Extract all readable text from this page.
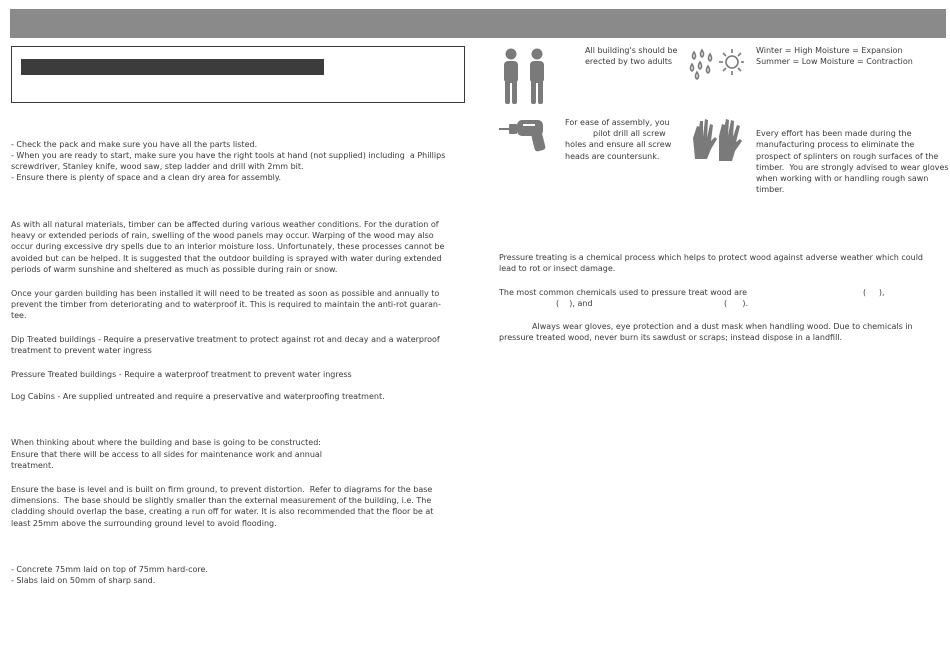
- Check the pack and make sure you have all the parts listed.
- When you are ready to start, make sure you have the right tools at hand (not supplied) including  a Phillips
screwdriver, Stanley knife, wood saw, step ladder and drill with 2mm bit.
- Ensure there is plenty of space and a clean dry area for assembly.
As with all natural materials, timber can be affected during various weather conditions. For the duration of
heavy or extended periods of rain, swelling of the wood panels may occur. Warping of the wood may also
occur during excessive dry spells due to an interior moisture loss. Unfortunately, these processes cannot be
avoided but can be helped. It is suggested that the outdoor building is sprayed with water during extended
periods of warm sunshine and sheltered as much as possible during rain or snow.
Once your garden building has been installed it will need to be treated as soon as possible and annually to
prevent the timber from deteriorating and to waterproof it. This is required to maintain the anti-rot guaran-
tee.
Dip Treated buildings - Require a preservative treatment to protect against rot and decay and a waterproof
treatment to prevent water ingress
Pressure Treated buildings - Require a waterproof treatment to prevent water ingress
Log Cabins - Are supplied untreated and require a preservative and waterproofing treatment.
When thinking about where the building and base is going to be constructed:
Ensure that there will be access to all sides for maintenance work and annual
treatment.
Ensure the base is level and is built on firm ground, to prevent distortion.  Refer to diagrams for the base
dimensions.  The base should be slightly smaller than the external measurement of the building, i.e. The
cladding should overlap the base, creating a run off for water. It is also recommended that the floor be at
least 25mm above the surrounding ground level to avoid flooding.
- Concrete 75mm laid on top of 75mm hard-core.
- Slabs laid on 50mm of sharp sand.
All building's should be
erected by two adults
Winter = High Moisture = Expansion
Summer = Low Moisture = Contraction
For ease of assembly, you
pilot drill all screw
holes and ensure all screw
heads are countersunk.
Every effort has been made during the
manufacturing process to eliminate the
prospect of splinters on rough surfaces of the
timber.  You are strongly advised to wear gloves
when working with or handling rough sawn
timber.
Pressure treating is a chemical process which helps to protect wood against adverse weather which could
lead to rot or insect damage.
The most common chemicals used to pressure treat wood are	(     ),
(    ), and	(      ).
Always wear gloves, eye protection and a dust mask when handling wood. Due to chemicals in
pressure treated wood, never burn its sawdust or scraps; instead dispose in a landfill.
